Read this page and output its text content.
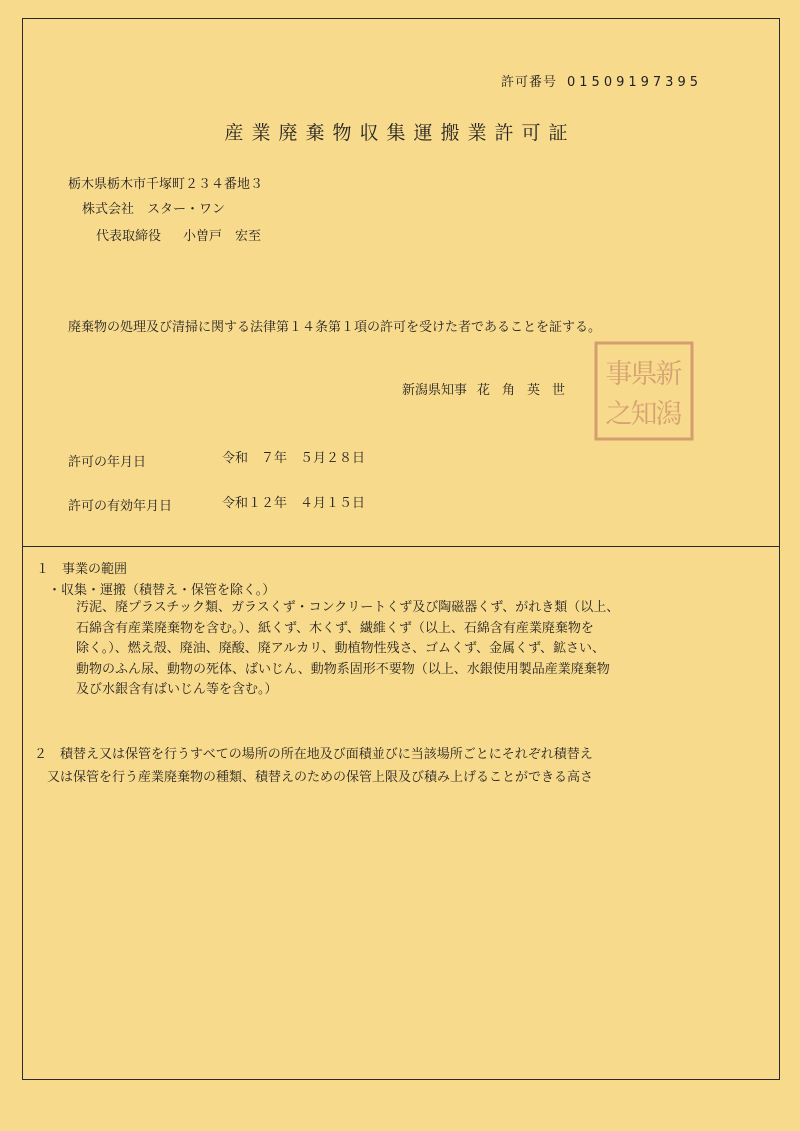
許可番号 01509197395
産業廃棄物収集運搬業許可証
栃木県栃木市千塚町２３４番地３
株式会社　スター・ワン
代表取締役 小曽戸　宏至
廃棄物の処理及び清掃に関する法律第１４条第１項の許可を受けた者であることを証する。
新潟県知事 花角英世
新
潟
県
知
事
之
許可の年月日	令和　７年　５月２８日
許可の有効年月日	令和１２年　４月１５日
１　事業の範囲
・収集・運搬（積替え・保管を除く。）
汚泥、廃プラスチック類、ガラスくず・コンクリートくず及び陶磁器くず、がれき類（以上、
石綿含有産業廃棄物を含む。）、紙くず、木くず、繊維くず（以上、石綿含有産業廃棄物を
除く。）、燃え殻、廃油、廃酸、廃アルカリ、動植物性残さ、ゴムくず、金属くず、鉱さい、
動物のふん尿、動物の死体、ばいじん、動物系固形不要物（以上、水銀使用製品産業廃棄物
及び水銀含有ばいじん等を含む。）
２　積替え又は保管を行うすべての場所の所在地及び面積並びに当該場所ごとにそれぞれ積替え
　又は保管を行う産業廃棄物の種類、積替えのための保管上限及び積み上げることができる高さ
